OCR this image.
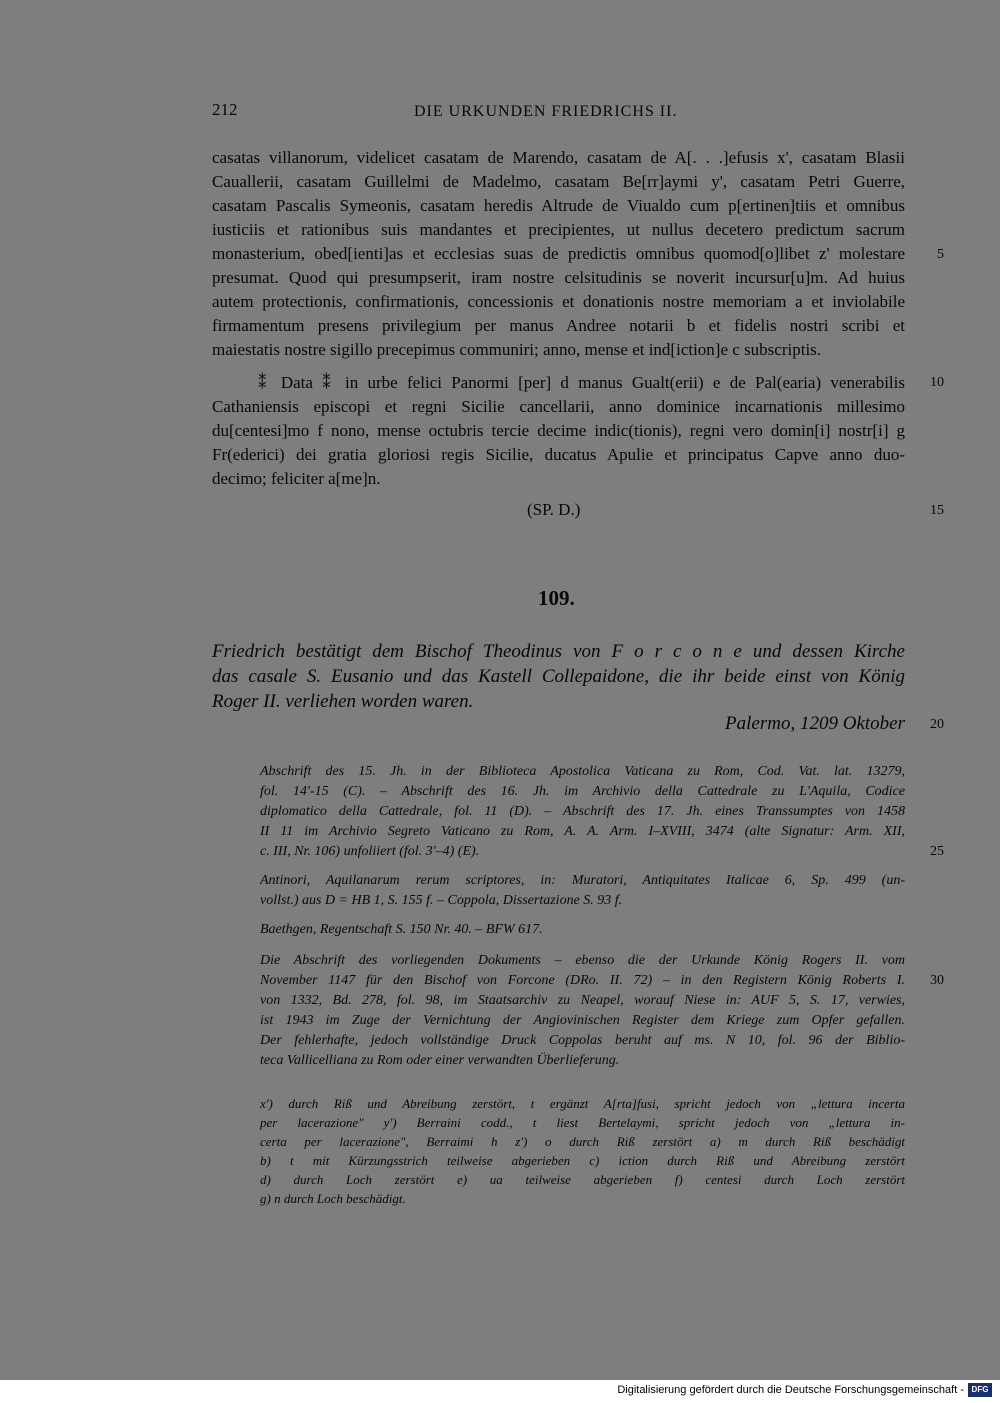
212	DIE URKUNDEN FRIEDRICHS II.
casatas villanorum, videlicet casatam de Marendo, casatam de A[. . .]efusis x', casatam Blasii
Cauallerii, casatam Guillelmi de Madelmo, casatam Be[rr]aymi y', casatam Petri Guerre,
casatam Pascalis Symeonis, casatam heredis Altrude de Viualdo cum p[ertinen]tiis et omnibus
iusticiis et rationibus suis mandantes et precipientes, ut nullus decetero predictum sacrum
monasterium, obed[ienti]as et ecclesias suas de predictis omnibus quomod[o]libet z' molestare
presumat. Quod qui presumpserit, iram nostre celsitudinis se noverit incursur[u]m. Ad huius
autem protectionis, confirmationis, concessionis et donationis nostre memoriam a et inviolabile
firmamentum presens privilegium per manus Andree notarii b et fidelis nostri scribi et
maiestatis nostre sigillo precepimus communiri; anno, mense et ind[iction]e c subscriptis.
⁑ Data ⁑ in urbe felici Panormi [per] d manus Gualt(erii) e de Pal(earia) venerabilis
Cathaniensis episcopi et regni Sicilie cancellarii, anno dominice incarnationis millesimo
du[centesi]mo f nono, mense octubris tercie decime indic(tionis), regni vero domin[i] nostr[i] g
Fr(ederici) dei gratia gloriosi regis Sicilie, ducatus Apulie et principatus Capve anno duo-
decimo; feliciter a[me]n.
(SP. D.)
5
10
15
20
25
30
109.
Friedrich bestätigt dem Bischof Theodinus von F o r c o n e und dessen Kirche
das casale S. Eusanio und das Kastell Collepaidone, die ihr beide einst von König
Roger II. verliehen worden waren.
Palermo, 1209 Oktober
Abschrift des 15. Jh. in der Biblioteca Apostolica Vaticana zu Rom, Cod. Vat. lat. 13279,
fol. 14'-15 (C). – Abschrift des 16. Jh. im Archivio della Cattedrale zu L'Aquila, Codice
diplomatico della Cattedrale, fol. 11 (D). – Abschrift des 17. Jh. eines Transsumptes von 1458
II 11 im Archivio Segreto Vaticano zu Rom, A. A. Arm. I–XVIII, 3474 (alte Signatur: Arm. XII,
c. III, Nr. 106) unfoliiert (fol. 3'–4) (E).
Antinori, Aquilanarum rerum scriptores, in: Muratori, Antiquitates Italicae 6, Sp. 499 (un-
vollst.) aus D = HB 1, S. 155 f. – Coppola, Dissertazione S. 93 f.
Baethgen, Regentschaft S. 150 Nr. 40. – BFW 617.
Die Abschrift des vorliegenden Dokuments – ebenso die der Urkunde König Rogers II. vom
November 1147 für den Bischof von Forcone (DRo. II. 72) – in den Registern König Roberts I.
von 1332, Bd. 278, fol. 98, im Staatsarchiv zu Neapel, worauf Niese in: AUF 5, S. 17, verwies,
ist 1943 im Zuge der Vernichtung der Angiovinischen Register dem Kriege zum Opfer gefallen.
Der fehlerhafte, jedoch vollständige Druck Coppolas beruht auf ms. N 10, fol. 96 der Biblio-
teca Vallicelliana zu Rom oder einer verwandten Überlieferung.
x') durch Riß und Abreibung zerstört, t ergänzt A[rta]fusi, spricht jedoch von „lettura incerta
per lacerazione" y') Berraini codd., t liest Bertelaymi, spricht jedoch von „lettura in-
certa per lacerazione", Berraimi h z') o durch Riß zerstört a) m durch Riß beschädigt
b) t mit Kürzungsstrich teilweise abgerieben c) iction durch Riß und Abreibung zerstört
d) durch Loch zerstört e) ua teilweise abgerieben f) centesi durch Loch zerstört
g) n durch Loch beschädigt.
Digitalisierung gefördert durch die Deutsche Forschungsgemeinschaft - DFG
